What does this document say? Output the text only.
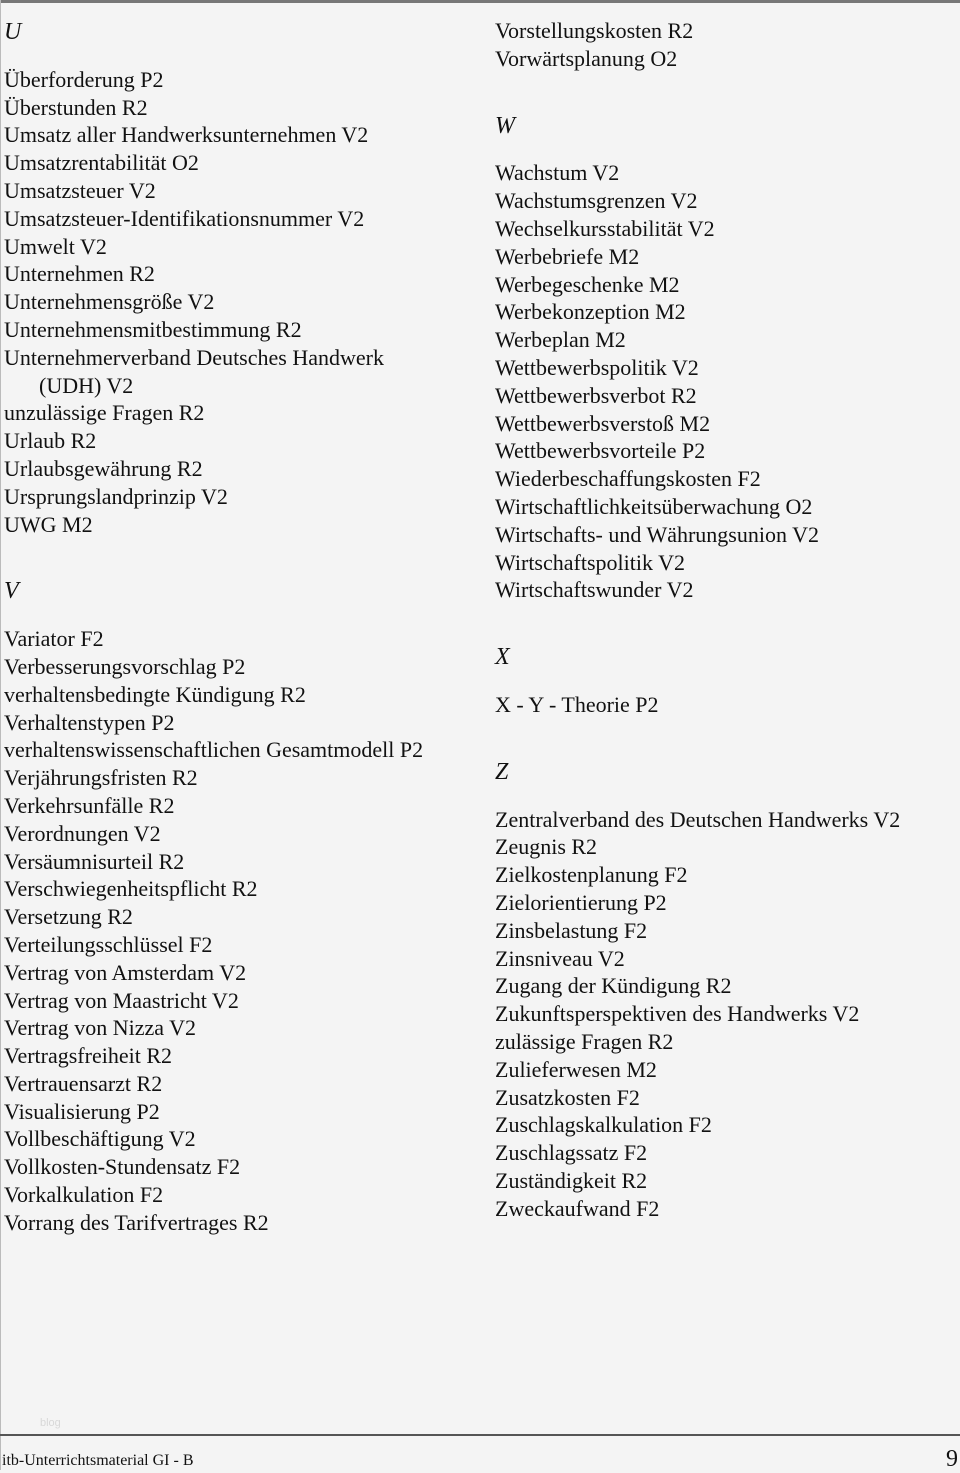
U
Überforderung P2
Überstunden R2
Umsatz aller Handwerksunternehmen V2
Umsatzrentabilität O2
Umsatzsteuer V2
Umsatzsteuer-Identifikationsnummer V2
Umwelt V2
Unternehmen R2
Unternehmensgröße V2
Unternehmensmitbestimmung R2
Unternehmerverband Deutsches Handwerk
(UDH) V2
unzulässige Fragen R2
Urlaub R2
Urlaubsgewährung R2
Ursprungslandprinzip V2
UWG M2
V
Variator F2
Verbesserungsvorschlag P2
verhaltensbedingte Kündigung R2
Verhaltenstypen P2
verhaltenswissenschaftlichen Gesamtmodell P2
Verjährungsfristen R2
Verkehrsunfälle R2
Verordnungen V2
Versäumnisurteil R2
Verschwiegenheitspflicht R2
Versetzung R2
Verteilungsschlüssel F2
Vertrag von Amsterdam V2
Vertrag von Maastricht V2
Vertrag von Nizza V2
Vertragsfreiheit R2
Vertrauensarzt R2
Visualisierung P2
Vollbeschäftigung V2
Vollkosten-Stundensatz F2
Vorkalkulation F2
Vorrang des Tarifvertrages R2
Vorstellungskosten R2
Vorwärtsplanung O2
W
Wachstum V2
Wachstumsgrenzen V2
Wechselkursstabilität V2
Werbebriefe M2
Werbegeschenke M2
Werbekonzeption M2
Werbeplan M2
Wettbewerbspolitik V2
Wettbewerbsverbot R2
Wettbewerbsverstoß M2
Wettbewerbsvorteile P2
Wiederbeschaffungskosten F2
Wirtschaftlichkeitsüberwachung O2
Wirtschafts- und Währungsunion V2
Wirtschaftspolitik V2
Wirtschaftswunder V2
X
X - Y - Theorie P2
Z
Zentralverband des Deutschen Handwerks V2
Zeugnis R2
Zielkostenplanung F2
Zielorientierung P2
Zinsbelastung F2
Zinsniveau V2
Zugang der Kündigung R2
Zukunftsperspektiven des Handwerks V2
zulässige Fragen R2
Zulieferwesen M2
Zusatzkosten F2
Zuschlagskalkulation F2
Zuschlagssatz F2
Zuständigkeit R2
Zweckaufwand F2
blog
itb-Unterrichtsmaterial GI - B	9
